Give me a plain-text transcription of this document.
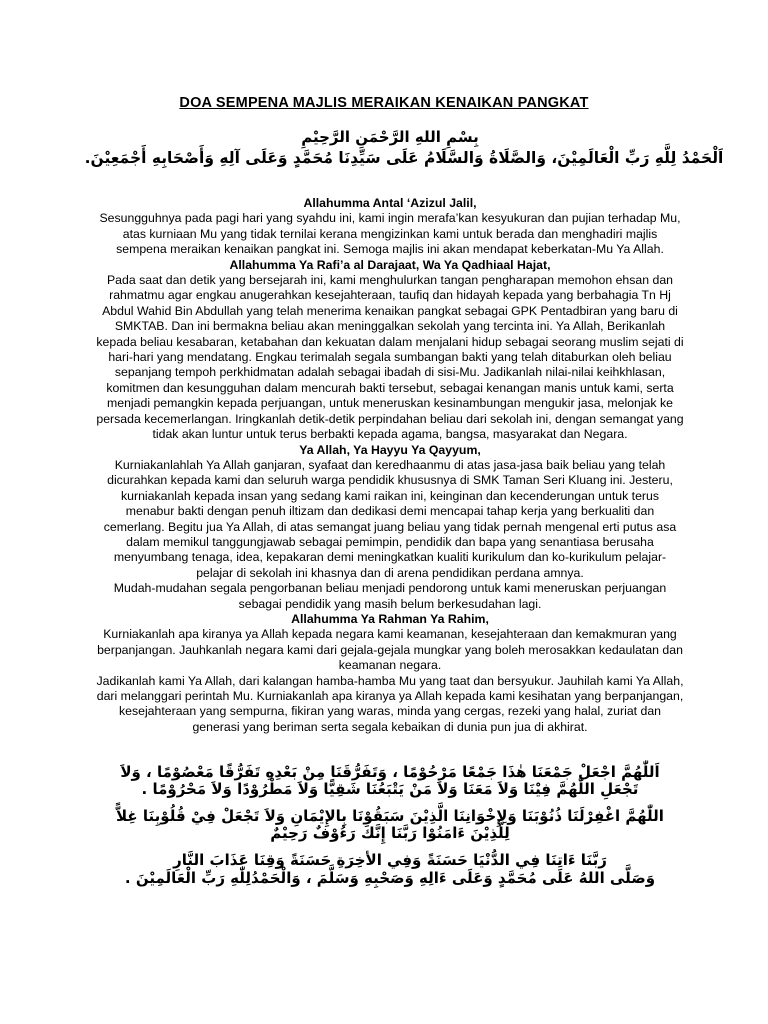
DOA SEMPENA MAJLIS MERAIKAN KENAIKAN PANGKAT
بِسْمِ اللهِ الرَّحْمَنِ الرَّحِيْمِ
اَلْحَمْدُ لِلَّهِ رَبِّ الْعَالَمِيْنَ، وَالصَّلَاةُ وَالسَّلَامُ عَلَى سَيِّدِنَا مُحَمَّدٍ وَعَلَى آلِهِ وَأَصْحَابِهِ أَجْمَعِيْنَ.

Allahumma Antal ‘Azizul Jalil,

Sesungguhnya pada pagi hari yang syahdu ini, kami ingin merafa’kan kesyukuran dan pujian terhadap Mu, atas kurniaan Mu yang tidak ternilai kerana mengizinkan kami untuk berada dan menghadiri majlis sempena meraikan kenaikan pangkat ini. Semoga majlis ini akan mendapat keberkatan-Mu Ya Allah.

Allahumma Ya Rafi’a al Darajaat, Wa Ya Qadhiaal Hajat,

Pada saat dan detik yang bersejarah ini, kami menghulurkan tangan pengharapan memohon ehsan dan rahmatmu agar engkau anugerahkan kesejahteraan, taufiq dan hidayah kepada yang berbahagia Tn Hj Abdul Wahid Bin Abdullah yang telah menerima kenaikan pangkat sebagai GPK Pentadbiran yang baru di SMKTAB. Dan ini bermakna beliau akan meninggalkan sekolah yang tercinta ini. Ya Allah, Berikanlah kepada beliau kesabaran, ketabahan dan kekuatan dalam menjalani hidup sebagai seorang muslim sejati di hari-hari yang mendatang. Engkau terimalah segala sumbangan bakti yang telah ditaburkan oleh beliau sepanjang tempoh perkhidmatan adalah sebagai ibadah di sisi-Mu. Jadikanlah nilai-nilai keihkhlasan, komitmen dan kesungguhan dalam mencurah bakti tersebut, sebagai kenangan manis untuk kami, serta menjadi pemangkin kepada perjuangan, untuk meneruskan kesinambungan mengukir jasa, melonjak ke persada kecemerlangan. Iringkanlah detik-detik perpindahan beliau dari sekolah ini, dengan semangat yang tidak akan luntur untuk terus berbakti kepada agama, bangsa, masyarakat dan Negara.

Ya Allah, Ya Hayyu Ya Qayyum,

Kurniakanlahlah Ya Allah ganjaran, syafaat dan keredhaanmu di atas jasa-jasa baik beliau yang telah dicurahkan kepada kami dan seluruh warga pendidik khususnya di SMK Taman Seri Kluang ini. Jesteru, kurniakanlah kepada insan yang sedang kami raikan ini, keinginan dan kecenderungan untuk terus menabur bakti dengan penuh iltizam dan dedikasi demi mencapai tahap kerja yang berkualiti dan cemerlang. Begitu jua Ya Allah, di atas semangat juang beliau yang tidak pernah mengenal erti putus asa dalam memikul tanggungjawab sebagai pemimpin, pendidik dan bapa yang senantiasa berusaha menyumbang tenaga, idea, kepakaran demi meningkatkan kualiti kurikulum dan ko-kurikulum pelajar-pelajar di sekolah ini khasnya dan di arena pendidikan perdana amnya.

Mudah-mudahan segala pengorbanan beliau menjadi pendorong untuk kami meneruskan perjuangan sebagai pendidik yang masih belum berkesudahan lagi.

Allahumma Ya Rahman Ya Rahim,

Kurniakanlah apa kiranya ya Allah kepada negara kami keamanan, kesejahteraan dan kemakmuran yang berpanjangan. Jauhkanlah negara kami dari gejala-gejala mungkar yang boleh merosakkan kedaulatan dan keamanan negara.

Jadikanlah kami Ya Allah, dari kalangan hamba-hamba Mu yang taat dan bersyukur. Jauhilah kami Ya Allah, dari melanggari perintah Mu. Kurniakanlah apa kiranya ya Allah kepada kami kesihatan yang berpanjangan, kesejahteraan yang sempurna, fikiran yang waras, minda yang cergas, rezeki yang halal, zuriat dan generasi yang beriman serta segala kebaikan di dunia pun jua di akhirat.

اَللّٰهُمَّ اجْعَلْ جَمْعَنَا هٰذَا جَمْعًا مَرْحُوْمًا ، وَتَفَرُّقَنَا مِنْ بَعْدِهِ تَفَرُّقًا مَعْصُوْمًا ، وَلاَ تَجْعَلِ اللّٰهُمَّ فِيْنَا وَلاَ مَعَنَا وَلاَ مَنْ يَتْبَعُنَا شَقِيًّا وَلاَ مَطْرُوْدًا وَلاَ مَحْرُوْمًا .
اللّٰهُمَّ اغْفِرْلَنَا ذُنُوْبَنَا وَلِإِخْوَانِنَا الَّذِيْنَ سَبَقُوْنَا بِالإِيْمَانِ وَلاَ تَجْعَلْ فِيْ قُلُوْبِنَا غِلاًّ لِلَّذِيْنَ ءَامَنُوْا رَبَّنَا إِنَّكَ رَءُوْفٌ رَحِيْمٌ
رَبَّنَا ءَاتِنَا فِي الدُّنْيَا حَسَنَةً وَفِي الأخِرَةِ حَسَنَةً وَقِنَا عَذَابَ النَّارِ
وَصَلَّى اللهُ عَلَى مُحَمَّدٍ وَعَلَى ءَالِهِ وَصَحْبِهِ وَسَلَّمَ ، وَالْحَمْدُلِلّٰهِ رَبِّ الْعَالَمِيْنَ .
